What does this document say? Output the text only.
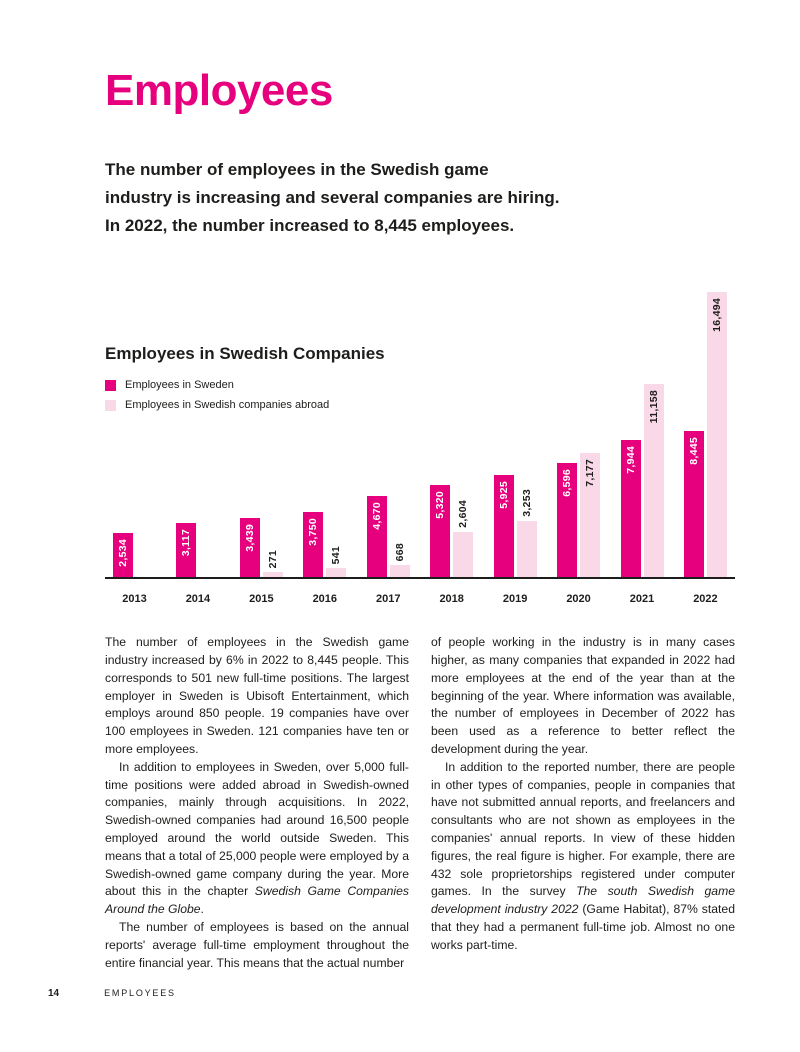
Employees
The number of employees in the Swedish game
industry is increasing and several companies are hiring.
In 2022, the number increased to 8,445 employees.
Employees in Swedish Companies
Employees in Sweden
Employees in Swedish companies abroad
2,534	3,117	3,439
271
3,750
541
4,670
668
5,320 2,604
5,925 3,253
6,596 7,177	7,944
11,158
8,445
16,494
2013	2014	2015	2016	2017	2018	2019	2020	2021	2022

The number of employees in the Swedish game industry increased by 6% in 2022 to 8,445 people. This corresponds to 501 new full-time positions. The largest employer in Sweden is Ubisoft Entertainment, which employs around 850 people. 19 companies have over 100 employees in Sweden. 121 companies have ten or more employees.

In addition to employees in Sweden, over 5,000 full-time positions were added abroad in Swedish-owned companies, mainly through acquisitions. In 2022, Swedish-owned companies had around 16,500 people employed around the world outside Sweden. This means that a total of 25,000 people were employed by a Swedish-owned game company during the year. More about this in the chapter Swedish Game Companies Around the Globe.

The number of employees is based on the annual reports' average full-time employment throughout the entire financial year. This means that the actual number

of people working in the industry is in many cases higher, as many companies that expanded in 2022 had more employees at the end of the year than at the beginning of the year. Where information was available, the number of employees in December of 2022 has been used as a reference to better reflect the development during the year.

In addition to the reported number, there are people in other types of companies, people in companies that have not submitted annual reports, and freelancers and consultants who are not shown as employees in the companies' annual reports. In view of these hidden figures, the real figure is higher. For example, there are 432 sole proprietorships registered under computer games. In the survey The south Swedish game development industry 2022 (Game Habitat), 87% stated that they had a permanent full-time job. Almost no one works part-time.

14	EMPLOYEES
